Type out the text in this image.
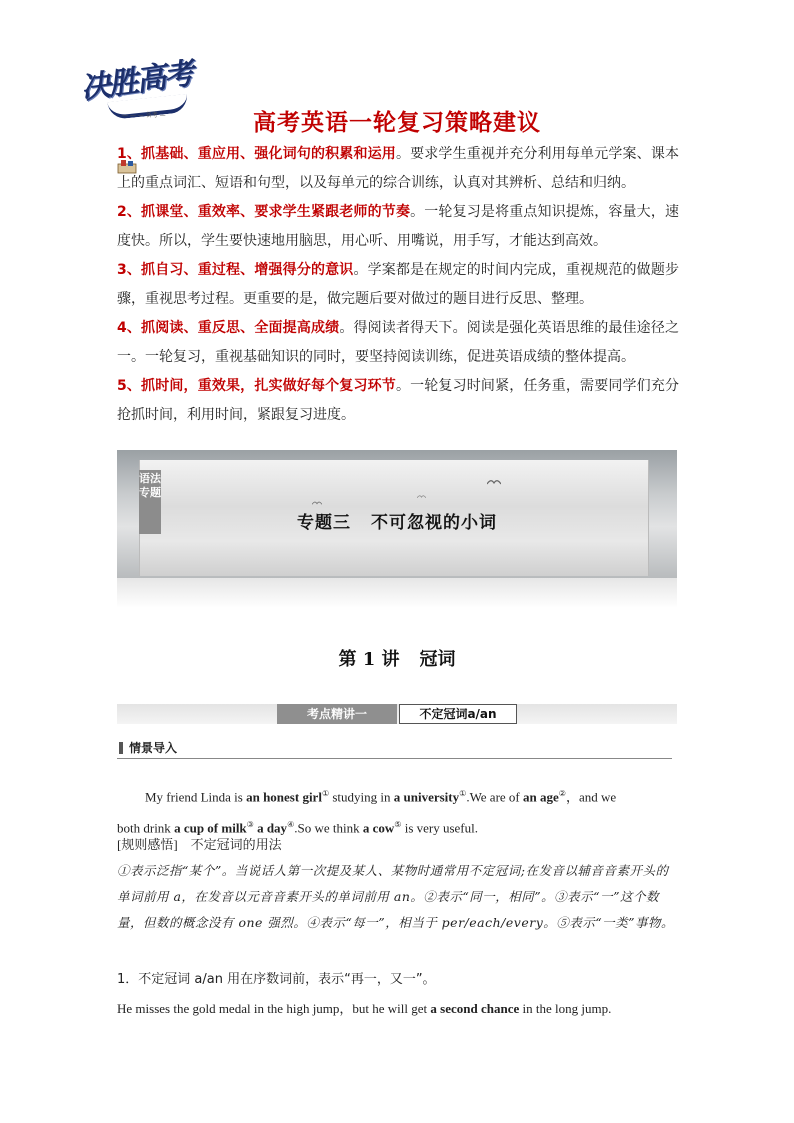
决胜高考
— — — 备考 —	高考英语一轮复习策略建议

1、抓基础、重应用、强化词句的积累和运用。要求学生重视并充分利用每单元学案、课本上的重点词汇、短语和句型，以及每单元的综合训练，认真对其辨析、总结和归纳。

2、抓课堂、重效率、要求学生紧跟老师的节奏。一轮复习是将重点知识提炼，容量大，速度快。所以，学生要快速地用脑思，用心听、用嘴说，用手写，才能达到高效。

3、抓自习、重过程、增强得分的意识。学案都是在规定的时间内完成，重视规范的做题步骤，重视思考过程。更重要的是，做完题后要对做过的题目进行反思、整理。

4、抓阅读、重反思、全面提高成绩。得阅读者得天下。阅读是强化英语思维的最佳途径之一。一轮复习，重视基础知识的同时，要坚持阅读训练，促进英语成绩的整体提高。

5、抓时间，重效果，扎实做好每个复习环节。一轮复习时间紧，任务重，需要同学们充分抢抓时间，利用时间，紧跟复习进度。

语法专题
专题三 不可忽视的小词
第 1 讲 冠词
考点精讲一	不定冠词a/an
情景导入

My friend Linda is an honest girl① studying in a university①.We are of an age②，and we

both drink a cup of milk③ a day④.So we think a cow⑤ is very useful.

[规则感悟]　不定冠词的用法
①表示泛指“某个”。当说话人第一次提及某人、某物时通常用不定冠词;在发音以辅音音素开头的单词前用 a，在发音以元音音素开头的单词前用 an。②表示“同一，相同”。③表示“一”这个数量，但数的概念没有 one 强烈。④表示“每一”，相当于 per/each/every。⑤表示“一类”事物。
1．不定冠词 a/an 用在序数词前，表示“再一，又一”。
He misses the gold medal in the high jump，but he will get a second chance in the long jump.
